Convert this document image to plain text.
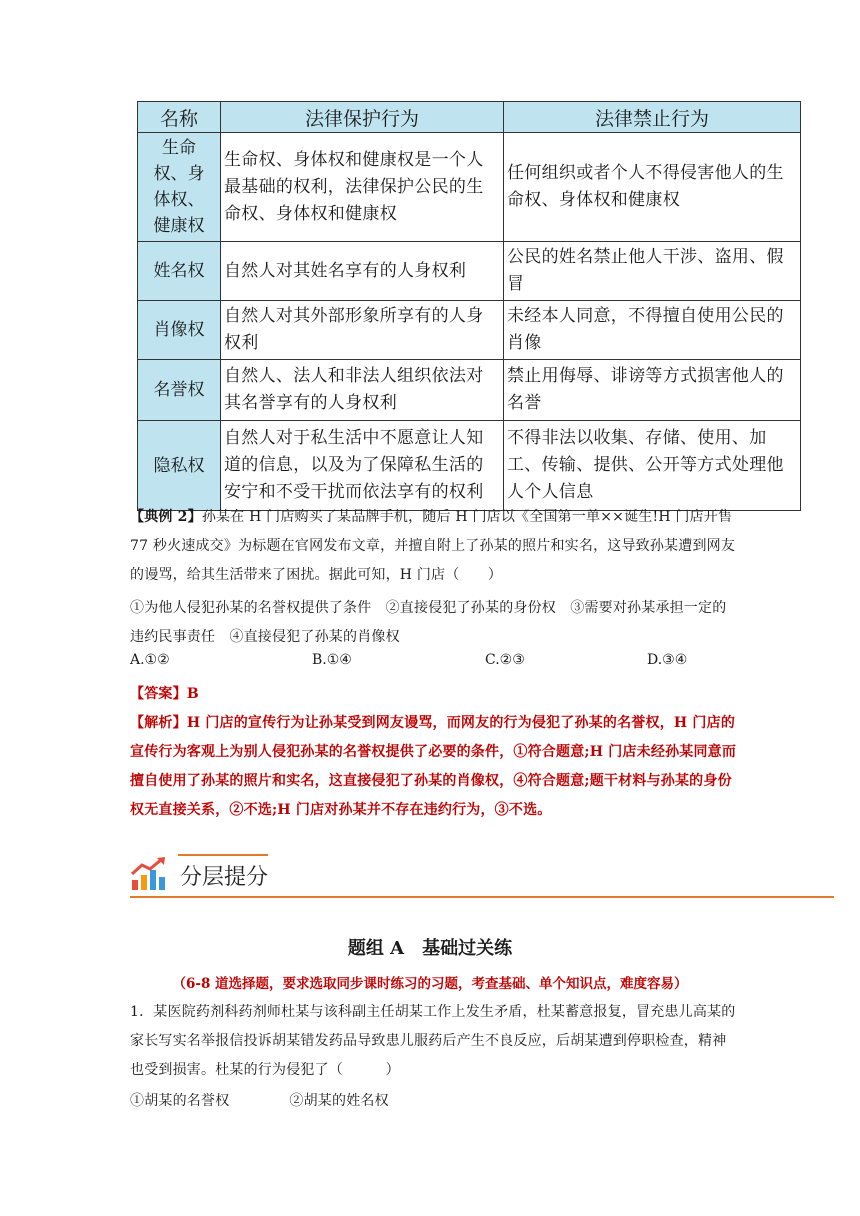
名称	法律保护行为	法律禁止行为
生命权、身体权、健康权	生命权、身体权和健康权是一个人最基础的权利，法律保护公民的生命权、身体权和健康权	任何组织或者个人不得侵害他人的生命权、身体权和健康权
姓名权	自然人对其姓名享有的人身权利	公民的姓名禁止他人干涉、盗用、假冒
肖像权	自然人对其外部形象所享有的人身权利	未经本人同意，不得擅自使用公民的肖像
名誉权	自然人、法人和非法人组织依法对其名誉享有的人身权利	禁止用侮辱、诽谤等方式损害他人的名誉
隐私权	自然人对于私生活中不愿意让人知道的信息，以及为了保障私生活的安宁和不受干扰而依法享有的权利	不得非法以收集、存储、使用、加工、传输、提供、公开等方式处理他人个人信息
【典例 2】孙某在 H 门店购买了某品牌手机，随后 H 门店以《全国第一单××诞生!H 门店开售 77 秒火速成交》为标题在官网发布文章，并擅自附上了孙某的照片和实名，这导致孙某遭到网友的谩骂，给其生活带来了困扰。据此可知，H 门店（　　）
①为他人侵犯孙某的名誉权提供了条件　②直接侵犯了孙某的身份权　③需要对孙某承担一定的违约民事责任　④直接侵犯了孙某的肖像权
A.①②	B.①④	C.②③	D.③④
【答案】B
【解析】H 门店的宣传行为让孙某受到网友谩骂，而网友的行为侵犯了孙某的名誉权，H 门店的宣传行为客观上为别人侵犯孙某的名誉权提供了必要的条件，①符合题意;H 门店未经孙某同意而擅自使用了孙某的照片和实名，这直接侵犯了孙某的肖像权，④符合题意;题干材料与孙某的身份权无直接关系，②不选;H 门店对孙某并不存在违约行为，③不选。
分层提分
题组 A　基础过关练
（6-8 道选择题，要求选取同步课时练习的习题，考查基础、单个知识点，难度容易）
1．某医院药剂科药剂师杜某与该科副主任胡某工作上发生矛盾，杜某蓄意报复，冒充患儿高某的家长写实名举报信投诉胡某错发药品导致患儿服药后产生不良反应，后胡某遭到停职检查，精神也受到损害。杜某的行为侵犯了（　　　）
①胡某的名誉权	②胡某的姓名权
